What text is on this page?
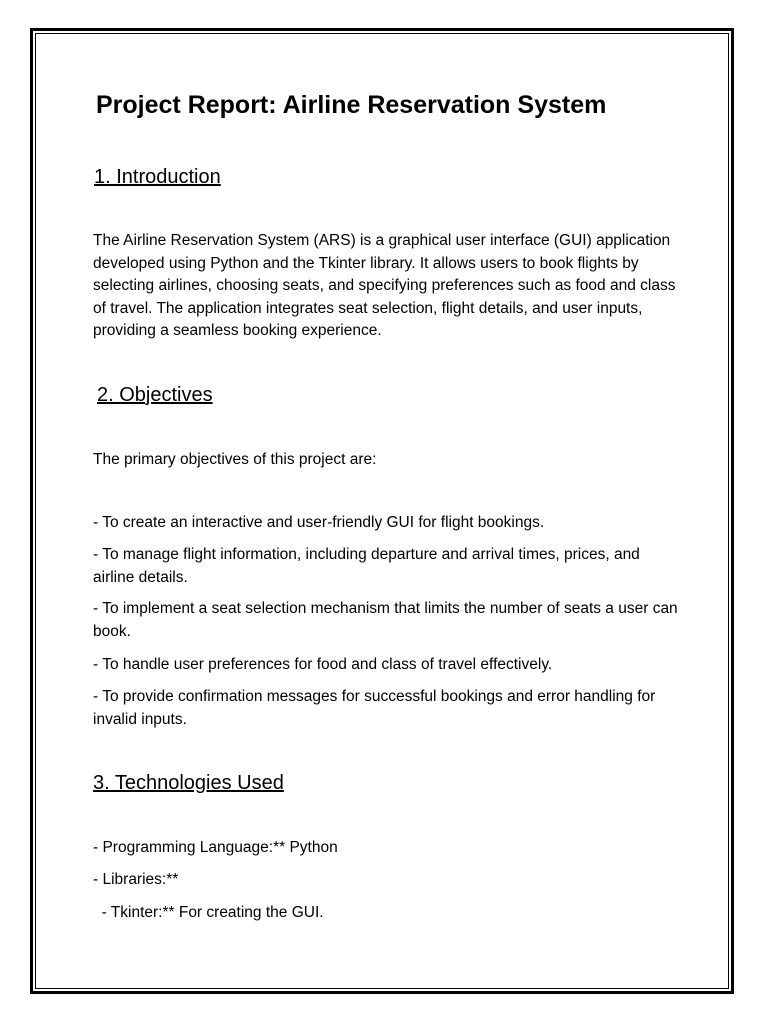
Project Report: Airline Reservation System
1. Introduction

The Airline Reservation System (ARS) is a graphical user interface (GUI) application developed using Python and the Tkinter library. It allows users to book flights by selecting airlines, choosing seats, and specifying preferences such as food and class of travel. The application integrates seat selection, flight details, and user inputs, providing a seamless booking experience.

2. Objectives

The primary objectives of this project are:

- To create an interactive and user-friendly GUI for flight bookings.

- To manage flight information, including departure and arrival times, prices, and airline details.

- To implement a seat selection mechanism that limits the number of seats a user can book.

- To handle user preferences for food and class of travel effectively.

- To provide confirmation messages for successful bookings and error handling for invalid inputs.

3. Technologies Used

- Programming Language:** Python

- Libraries:**

- Tkinter:** For creating the GUI.
